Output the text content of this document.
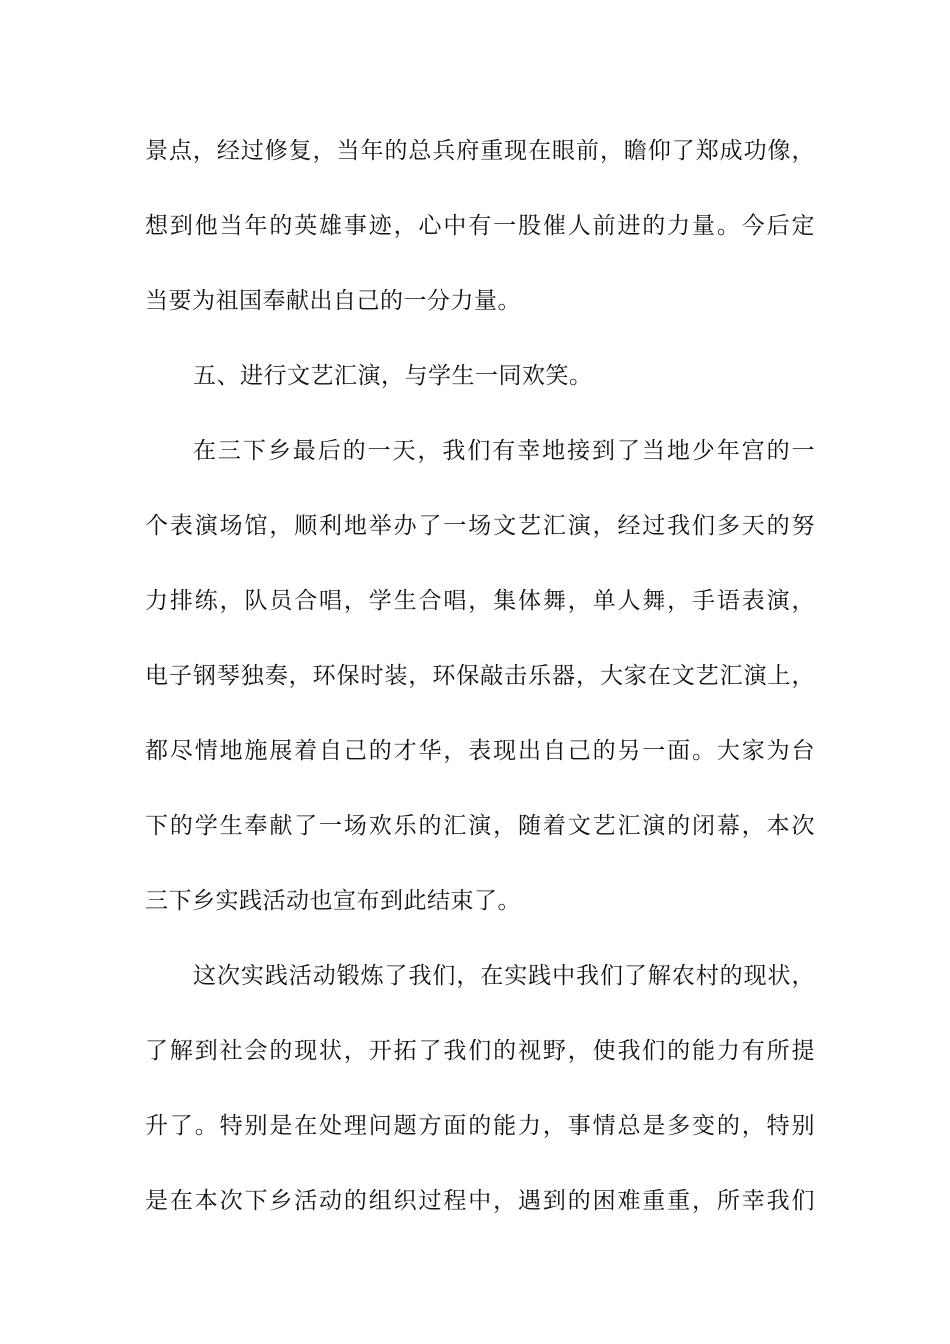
景点，经过修复，当年的总兵府重现在眼前，瞻仰了郑成功像，
想到他当年的英雄事迹，心中有一股催人前进的力量。今后定
当要为祖国奉献出自己的一分力量。
五、进行文艺汇演，与学生一同欢笑。
在三下乡最后的一天，我们有幸地接到了当地少年宫的一
个表演场馆，顺利地举办了一场文艺汇演，经过我们多天的努
力排练，队员合唱，学生合唱，集体舞，单人舞，手语表演，
电子钢琴独奏，环保时装，环保敲击乐器，大家在文艺汇演上，
都尽情地施展着自己的才华，表现出自己的另一面。大家为台
下的学生奉献了一场欢乐的汇演，随着文艺汇演的闭幕，本次
三下乡实践活动也宣布到此结束了。
这次实践活动锻炼了我们，在实践中我们了解农村的现状，
了解到社会的现状，开拓了我们的视野，使我们的能力有所提
升了。特别是在处理问题方面的能力，事情总是多变的，特别
是在本次下乡活动的组织过程中，遇到的困难重重，所幸我们
